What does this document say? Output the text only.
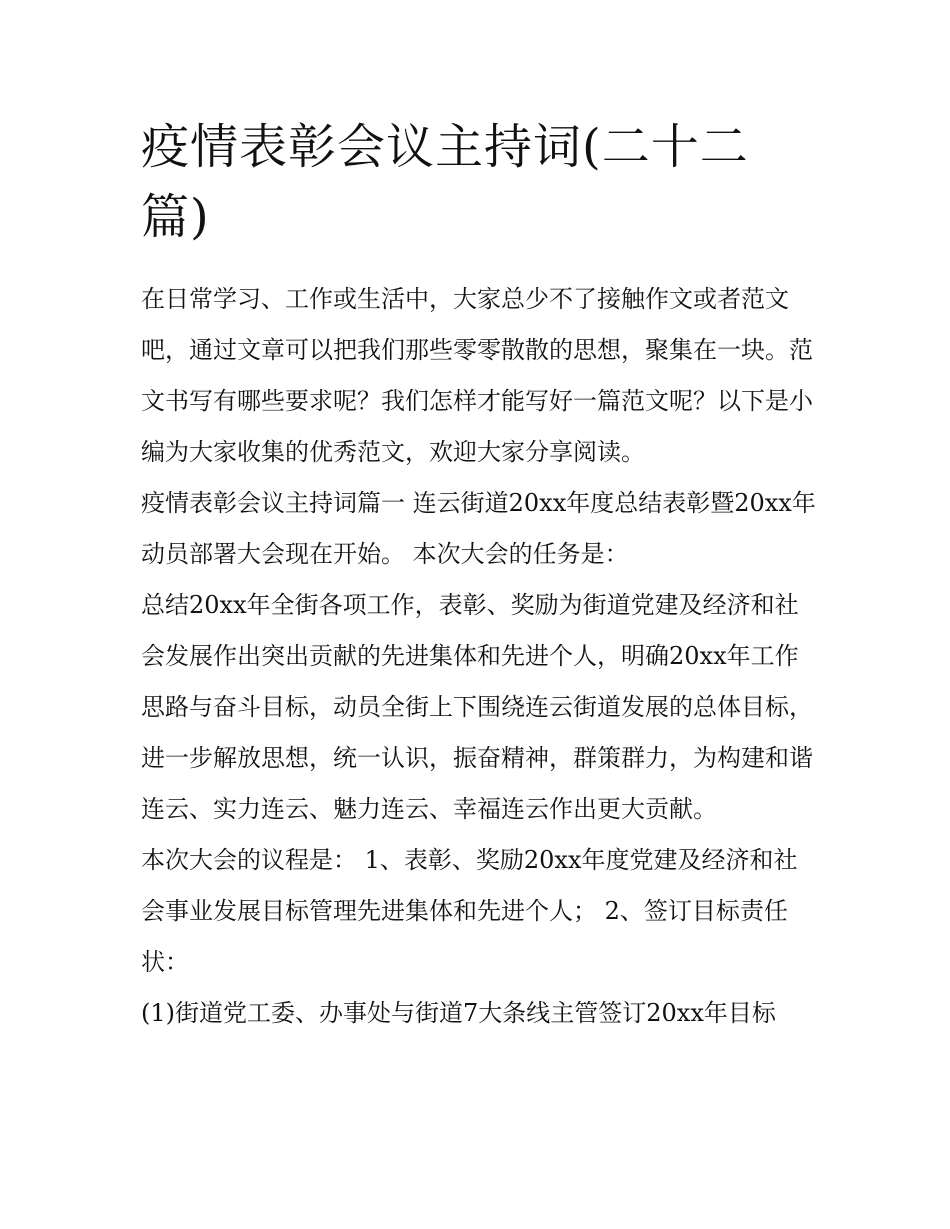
疫情表彰会议主持词(二十二篇)

在日常学习、工作或生活中，大家总少不了接触作文或者范文吧，通过文章可以把我们那些零零散散的思想，聚集在一块。范文书写有哪些要求呢？我们怎样才能写好一篇范文呢？以下是小编为大家收集的优秀范文，欢迎大家分享阅读。

疫情表彰会议主持词篇一 连云街道20xx年度总结表彰暨20xx年动员部署大会现在开始。 本次大会的任务是：

总结20xx年全街各项工作，表彰、奖励为街道党建及经济和社会发展作出突出贡献的先进集体和先进个人，明确20xx年工作思路与奋斗目标，动员全街上下围绕连云街道发展的总体目标，进一步解放思想，统一认识，振奋精神，群策群力，为构建和谐连云、实力连云、魅力连云、幸福连云作出更大贡献。

本次大会的议程是： 1、表彰、奖励20xx年度党建及经济和社会事业发展目标管理先进集体和先进个人； 2、签订目标责任状：

(1)街道党工委、办事处与街道7大条线主管签订20xx年目标
